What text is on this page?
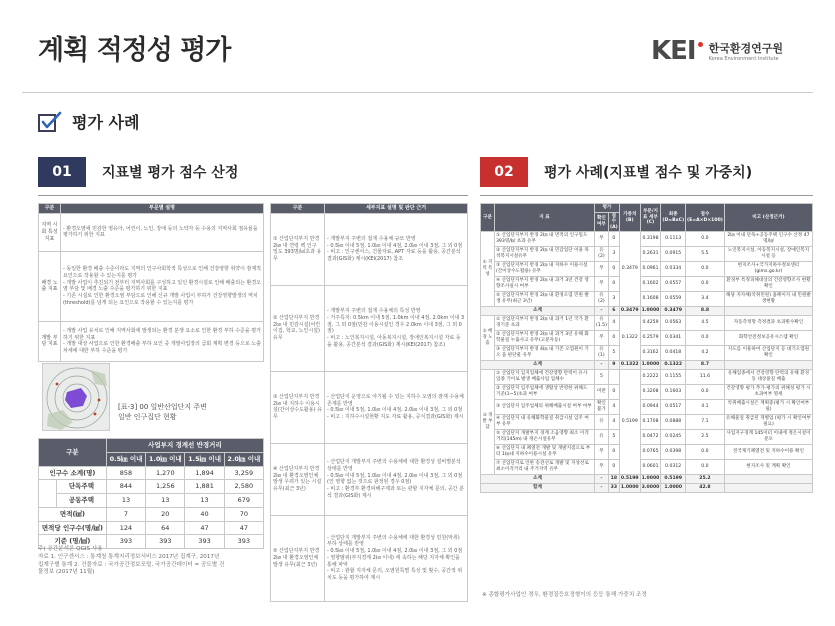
계획 적정성 평가	KEI	한국환경연구원
Korea Environment Institute
평가 사례
01	지표별 평가 점수 산정	02	평가 사례(지표별 점수 및 가중치)
구분	부문별 설명
지역 시회 특성 지표	- 환경오염에 민감한 영유아, 어린이, 노인, 장애 등의 노약자 등 수용의 지역사회 점유율을 평가하기 위한 지표
배경 노출 지표	- 동일한 환경 배출 수준이라도 지역의 인구사회학적 특성으로 인해 건강영향 취약이 잠재적 요인으로 작용할 수 있는지를 평가
- 개발 사업이 추진되기 전부터 지역사회를 구성하고 있던 환경시설로 인해 배출되는 환경오염 부담 및 배경 노출 수준을 평가하기 위한 지표
- 기존 시설로 인한 환경오염 부담으로 인해 신규 개발 사업이 부하가 건강영향발생의 역치(threshold)를 넘게 되는 요인으로 작용할 수 있는지를 평가
개발 부담 지표	- 개발 사업 유치로 인해 지역사회에 발생되는 환경 분쟁 요소로 인한 환경 부하 수준을 평가하기 위한 지표
- 개발 대상 사업으로 인한 환경배출 부하 요인 중 개발사업장의 급회 계획 변경 등으로 노출 차세에 대한 부하 수준을 평가
[표-3] 00 일반산업단지 주변
일반 인구집단 현황
구분		사업부지 경계선 반경거리			
		0.5㎞ 이내	1.0㎞ 이내	1.5㎞ 이내	2.0㎞ 이내
인구수 소계(명)		858	1,270	1,894	3,259
	단독주택	844	1,256	1,881	2,580
	공동주택	13	13	13	679
면적(㎢)		7	20	40	70
면적당 인구수(명/㎢)		124	64	47	47
기준 (명/㎢)		393	393	393	393
주) 공간분석은 QGIS 사용
자료 1. 인구센서스 : 통계청 통계지리정보서비스 2017년 집계구, 2017년
집계구별 통계 2. 건물자료 : 국가공간정보포털, 국가공간데이터 = 공도별 건
물정보 (2017년 11월)
구분	세부지표 설명 및 판단 근거
① 산업단지부지 반경2㎞ 내 연령 벡 인구 밀도 393명/㎢초과 유무	- 개발부지 주변의 접재 수용체 규모 반영
- 0.5㎞ 이내 5점, 1.0㎞ 이내 4점, 2.0㎞ 이내 3점, 그 외 0점
- 비고 : 인구센서스, 건물자료, APT 자료 등을 활용, 공간분석결과(GIS화) 제시(KEI(2017) 참조
② 산업단지부지 반경2㎞ 내 민감시설(어린이집, 학교, 노인시설) 유무	- 개발부지 주변의 접재 수용체의 특성 반영
- 거주특지: 0.5km 이내 5점, 1.0km 이내 4점, 2.0km 이내 3점, 그 외 0점(민감 이용시설인 경우 2.0km 이내 3점, 그 외 0점)
- 비고 : 노인복지시설, 아동복지시설, 장애인복지시설 자료 등을 활용, 공간분석 결과(GIS화) 제시(KEI(2017) 참조)
③ 산업단지부지 반경2㎞ 내 지하수 이용시설(간이상수도활용) 유무	- 산업단지 운영으로 야기될 수 있는 지하수 오염의 잠재 수용체 존재를 반영
- 0.5㎞ 이내 5점, 1.0㎞ 이내 4점, 2.0㎞ 이내 3점, 그 외 0점
- 비고 : 지하수시설현황 지도 자료 활용, 공식결과(GIS화) 제시
④ 산업단지부지 반경2㎞ 내 환경오염인체 발생 우려가 있는 시설 유무(최근 3년)	- 산업단지 개발부지 주변의 수용체에 대한 환경성 설비별분석 상태를 반영
- 0.5㎞ 이내 5점, 1.0㎞ 이내 4점, 2.0㎞ 이내 3점, 그 외 0점(인 영향 없는 것으로 판정된 경우 0점)
- 비고 : 환경부 환경피해구제과 또는 관할 지자체 문의, 공간 분석 결과(GIS화) 제시
⑤ 산업단지부지 반경2㎞ 내 환경오염인체 발생 유무(최근 3년)	- 산업단지 개발부지 주변의 수용체에 대한 환경성 민원(악취) 부하 상태를 반영
- 0.5㎞ 이내 5점, 1.0㎞ 이내 4점, 2.0㎞ 이내 3점, 그 외 0점
- 영향범위(부지경계 2㎞ 이내) 에 속하는 해당 지자체 확인을 통해 파악
- 비고 : 관할 지자체 문의, 오염원특별 특성 및 횟수, 공간적 위치도 등을 평가하여 제시
구분	지 표	평가		가중치 (B)	부문/지표 세부 (C)	최종 (D=BxC)	점수 (E=A×D×100)	비고 (산정근거)
		확인 여부	점수 (A)					
① 지역 특성	① 산업단지부지 반경 2㎞ 내 면적의 인구밀도 393명/㎢ 초과 유무	무	0	0.3479	0.3198	0.1113	0.0	2㎞ 이내 단독+공동주택 인구수 산정 47명/㎢
	② 산업단지부지 반경 2㎞ 내 민감업단 이용 목적복지시설유무	유(2)	3		0.2631	0.0915	5.5	노인복지시설, 아동복지시설, 장애인복지시설 등
	③ 산업단지부지 반경 2㎞ 내 지하수 이용시설(간이상수도활용) 유무	무	0		0.0961	0.0334	0.0	현지조사+국가지하수정보센터(gims.go.kr)
	④ 산업단지부지 반경 2㎞ 내 과거 3년 건강 영향조사실시 여부	무	0		0.1602	0.0557	0.0	환경부 특정피해대상의 건강영향조사 현황 확인
	⑤ 산업단지부지 반경 2㎞ 내 환경오염 민원 발생 유무(최근 3년)	유(2)	3		0.1608	0.0559	3.4	해당 지자체(악취민원) 홈페이지 내 민원발생현황
소계		-	6	0.3479	1.0000	0.3479	8.8	
② 배경 노출	① 산업단지부지 반경 2㎞ 내 과거 1년 국가 환경기준 초과	유(1.5)	4	0.1322	0.4259	0.0563	4.5	자동측정망 측정결과 초과횟수확인
	② 산업단지부지 반경 2㎞ 내 과거 3년 유해 화학물질 누출사고 유무(고분자등)	무	0		0.2579	0.0341	0.0	화학안전정보공유시스템 확인
	③ 산업단지부지 반경 4㎞ 내 기존 오염원이 기오 을 판단물 유무	유(1)	5		0.3162	0.0418	4.2	지도를 이용하여 산업단지 등 대기오염원 확인
소계		-	9	0.1322	1.0000	0.1322	8.7	
③ 개발 부담	① 산업단지 입지업체에 건강영향 탄력이 유사 업종 기이로 발생 배출사업 업체수	5		0.5199	0.2222	0.1155	11.6	유해업종에서 건강영향 탄력의 유해 환경 동 대상물질 배출
	② 산업단지 입주업체에 생활상 반영한 위해도 기준(1~5)초과 여부	미반	0		0.3208	0.1603	0.0	건강영향 평가 추가·평가의 위해성 평가 시 초과여부 명세
	③ 산업단지 입주업체의 위해배출시설 여부 여부	확인불가	4		0.0944	0.0517	4.1	악취배출시설은 계획중(평가 시 확인여부필)
	④ 산업단지 내 유해화학물질 취급시설 입주 여부 유무	유	4		0.1708	0.0888	7.1	유해물질 취급된 개별업 (평가 시 확인여부 필요)
	⑤ 산업단지 개발부지 경계 소음영향 최소 이격거리(145m) 내 정온시설유무	유	5		0.0472	0.0245	2.5	사업지구경계 145이터 이내에 정온시설이 분포
	⑥ 산업단지 내 폐열전 개발 및 개발지점으로 부터 1㎞내 지하수이용시설 유무	무	0		0.0765	0.0398	0.0	전국제기폐열전 및 지하수이용 확인
	⑦ 산업단지로 인한 송전선로 개발 및 지상선로 최소이격거리 내 주거지역 유무	무	0		0.0601	0.0312	0.0	현지조사 및 계획 확인
소계		-	18	0.5199	1.0000	0.5199	25.2	
합계		-	33	1.0000	3.0000	1.0000	42.8	
※ 종합평가사업인 경우, 환경질등호정형이의 등등 통해 가중치 조정
